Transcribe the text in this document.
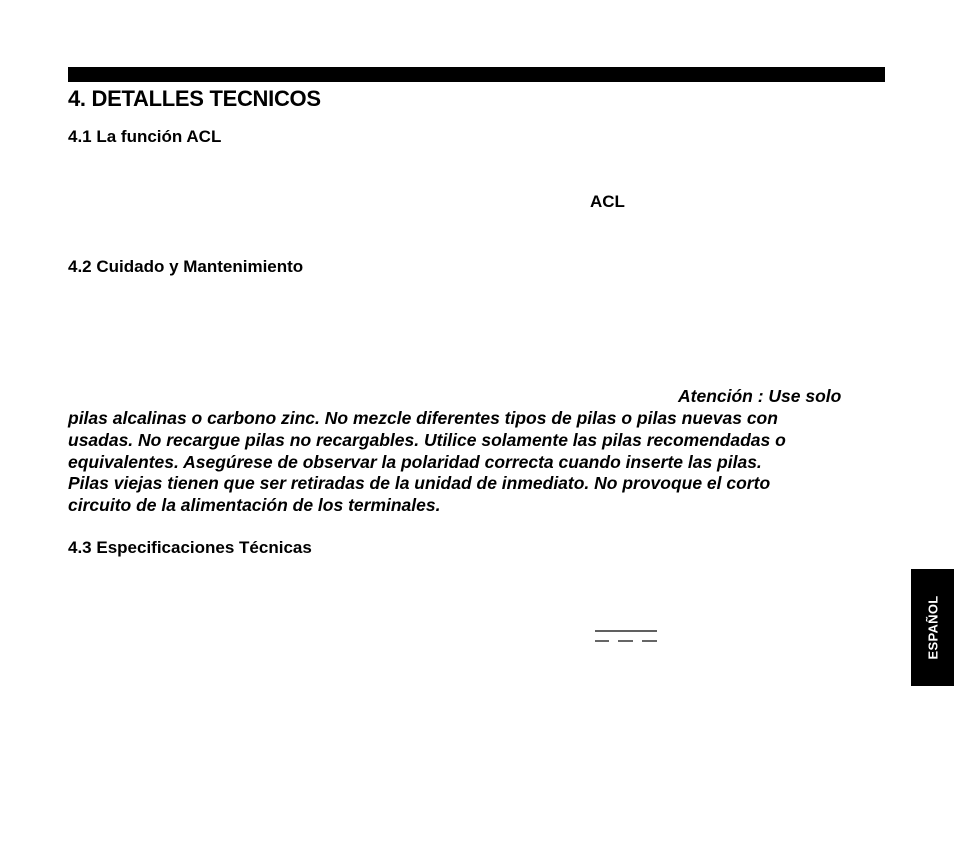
4. DETALLES TECNICOS
4.1 La función ACL
ACL
4.2 Cuidado y Mantenimiento
Atención : Use solo
pilas alcalinas o carbono zinc. No mezcle diferentes tipos de pilas o pilas nuevas con
usadas. No recargue pilas no recargables. Utilice solamente las pilas recomendadas o
equivalentes. Asegúrese de observar la polaridad correcta cuando inserte las pilas.
Pilas viejas tienen que ser retiradas de la unidad de inmediato. No provoque el corto
circuito de la alimentación de los terminales.
4.3 Especificaciones Técnicas
ESPAÑOL
